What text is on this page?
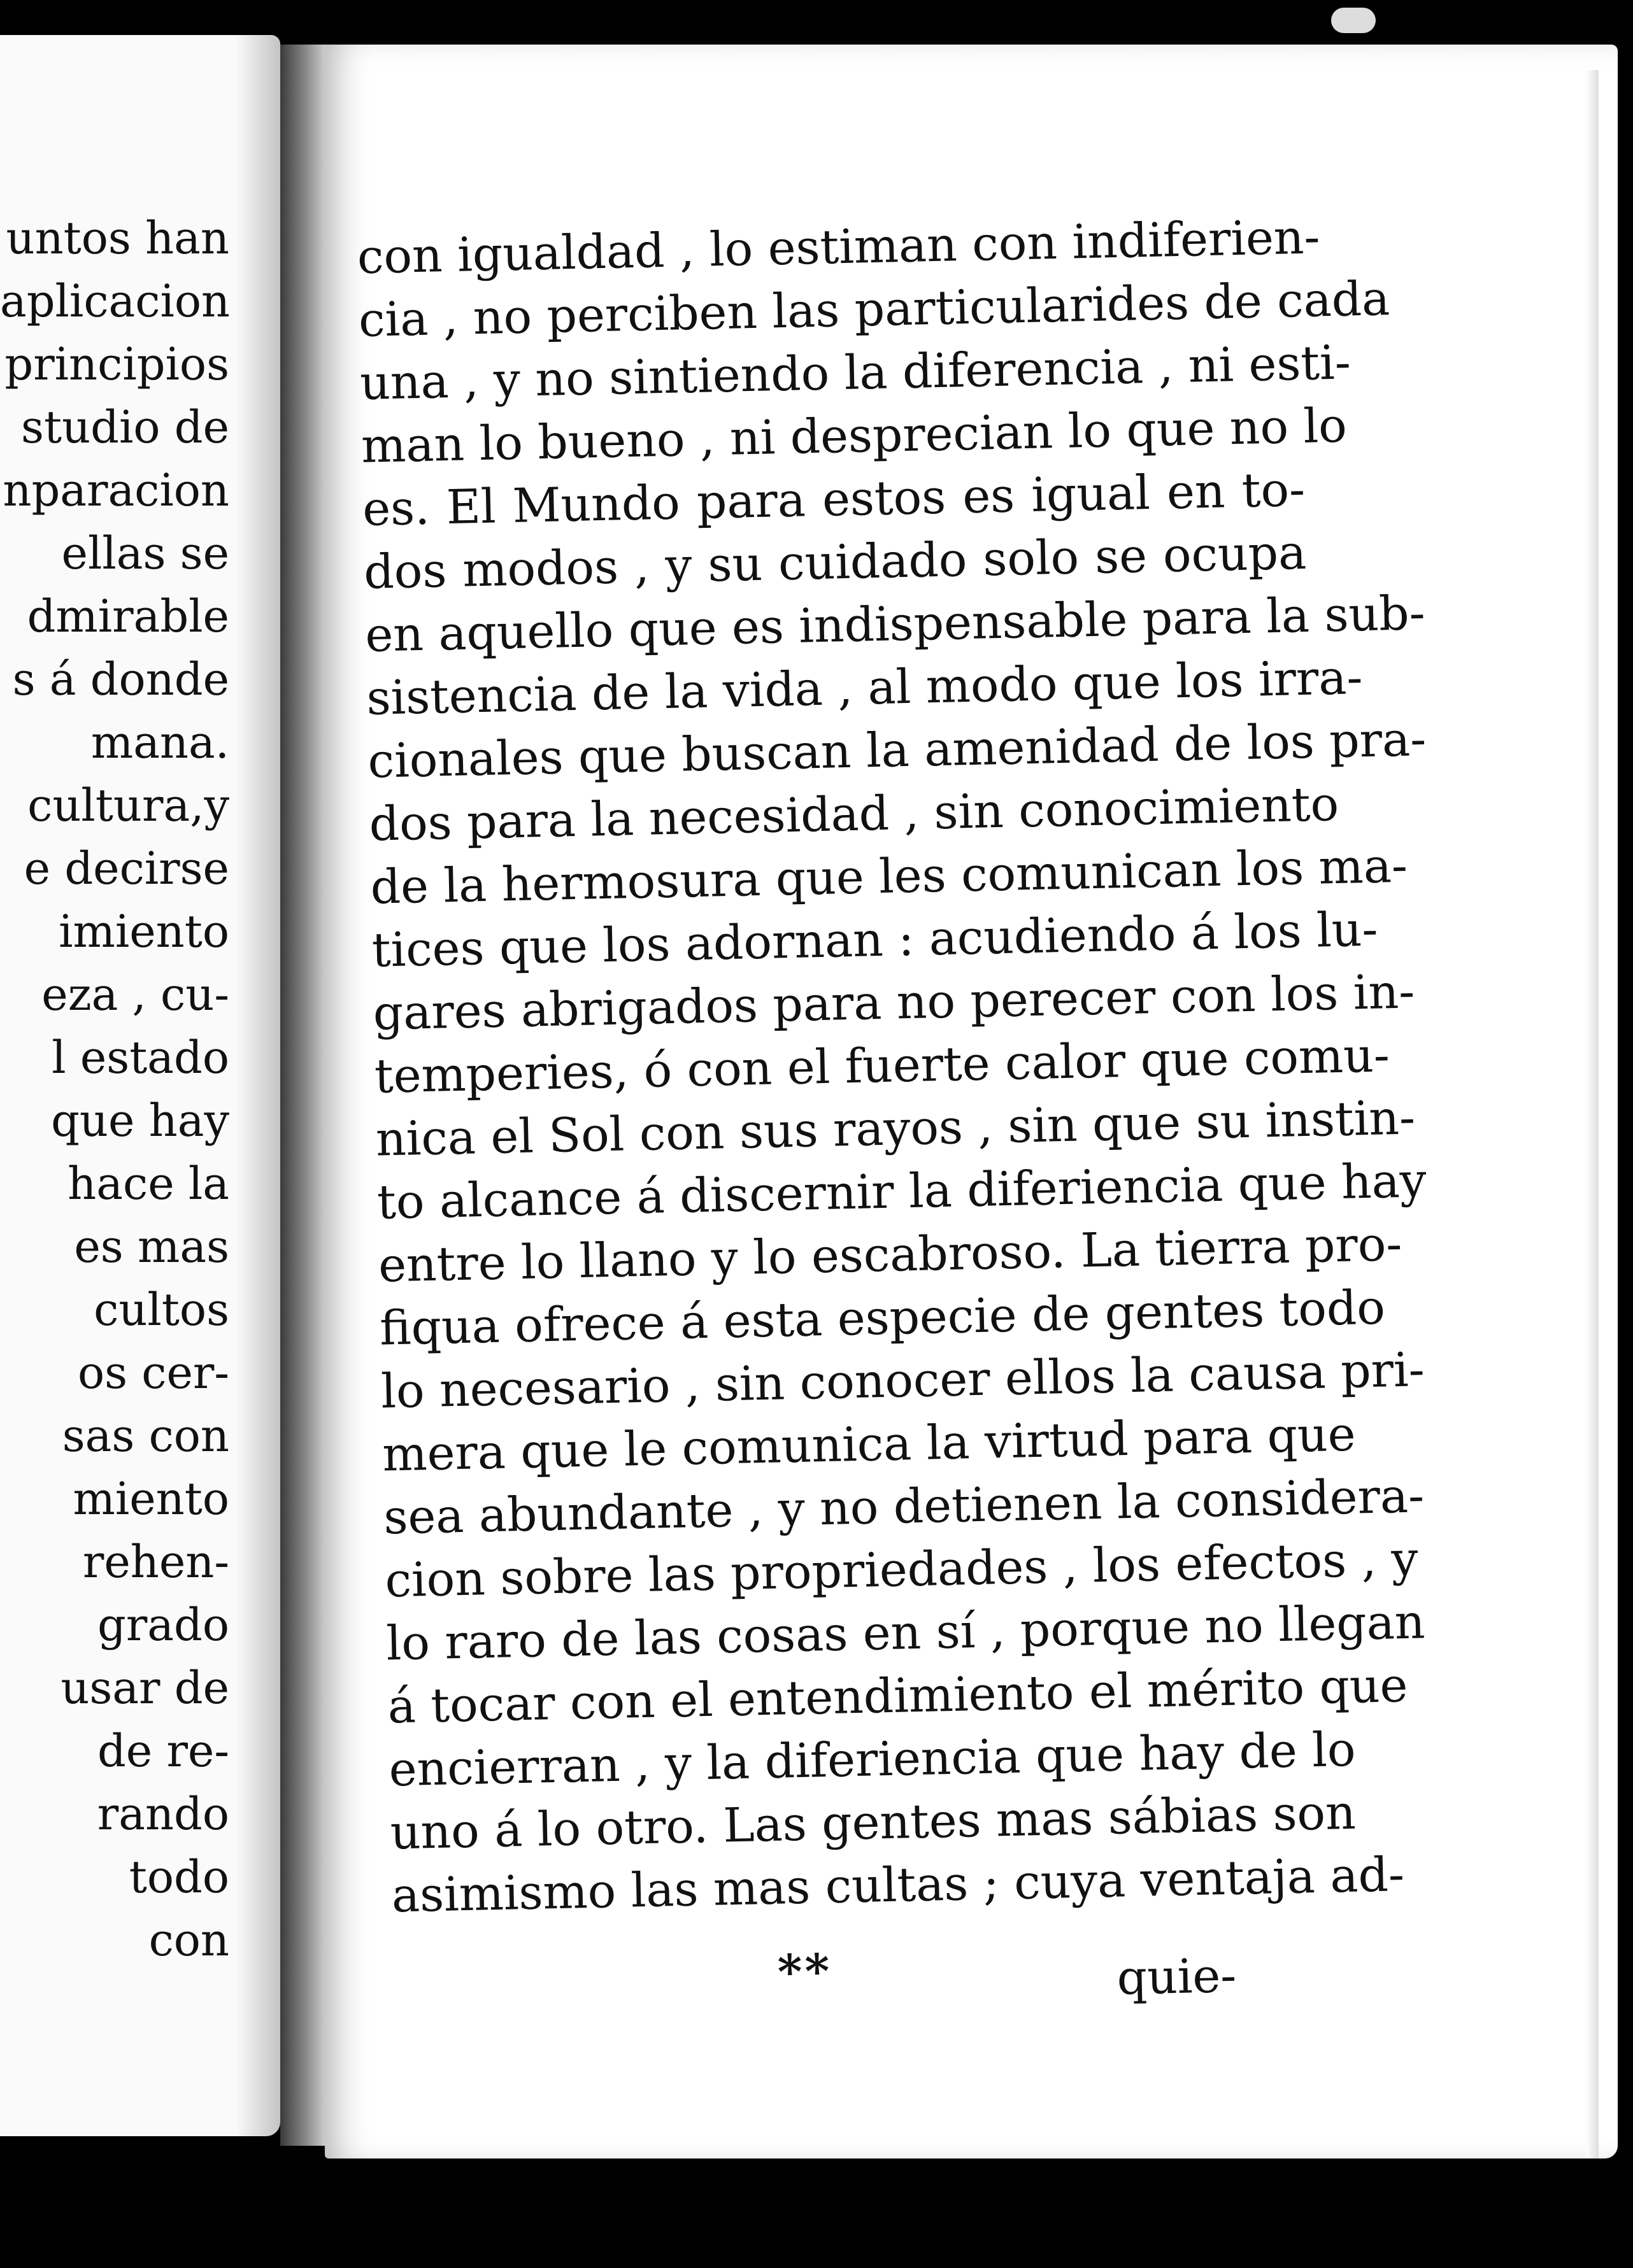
untos han
aplicacion
principios
studio de
nparacion
ellas se
dmirable
s á donde
mana.
cultura,y
e decirse
imiento
eza , cu-
l estado
que hay
hace la
es mas
cultos
os cer-
sas con
miento
rehen-
grado
usar de
de re-
rando
todo
con
con igualdad , lo estiman con indiferien-
cia , no perciben las particularides de cada
una , y no sintiendo la diferencia , ni esti-
man lo bueno , ni desprecian lo que no lo
es. El Mundo para estos es igual en to-
dos modos , y su cuidado solo se ocupa
en aquello que es indispensable para la sub-
sistencia de la vida , al modo que los irra-
cionales que buscan la amenidad de los pra-
dos para la necesidad , sin conocimiento
de la hermosura que les comunican los ma-
tices que los adornan : acudiendo á los lu-
gares abrigados para no perecer con los in-
temperies, ó con el fuerte calor que comu-
nica el Sol con sus rayos , sin que su instin-
to alcance á discernir la diferiencia que hay
entre lo llano y lo escabroso. La tierra pro-
fiqua ofrece á esta especie de gentes todo
lo necesario , sin conocer ellos la causa pri-
mera que le comunica la virtud para que
sea abundante , y no detienen la considera-
cion sobre las propriedades , los efectos , y
lo raro de las cosas en sí , porque no llegan
á tocar con el entendimiento el mérito que
encierran , y la diferiencia que hay de lo
uno á lo otro. Las gentes mas sábias son
asimismo las mas cultas ; cuya ventaja ad-
**	quie-
